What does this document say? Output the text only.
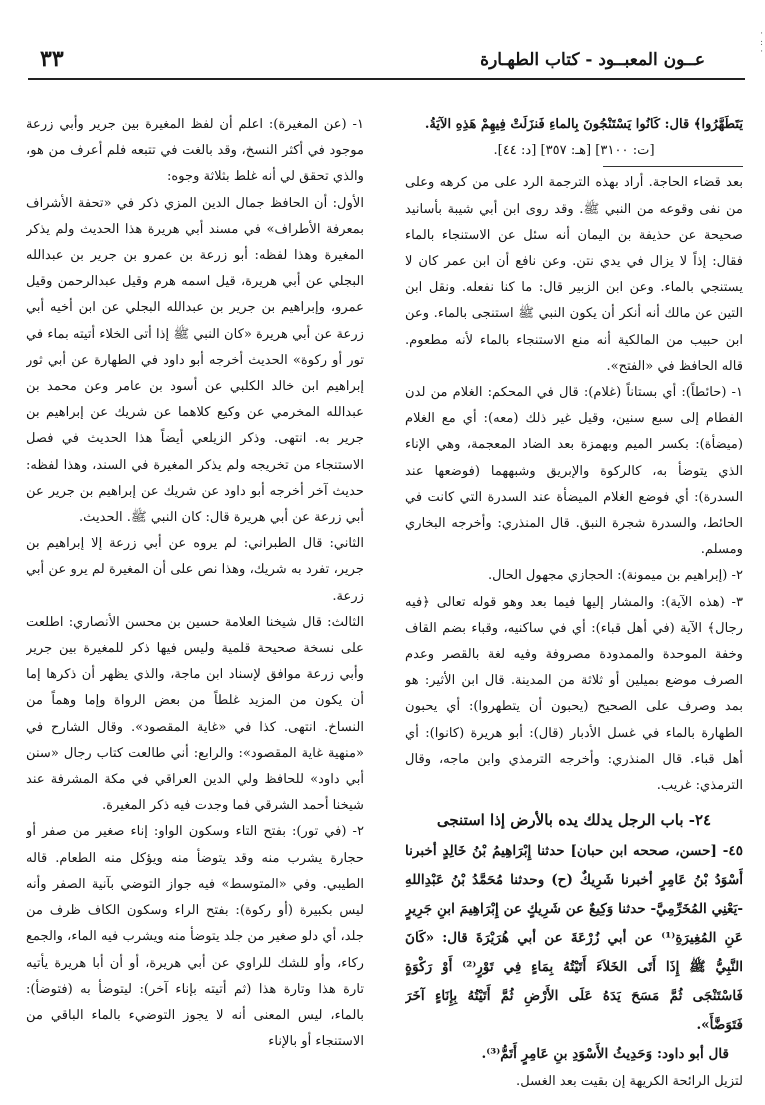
·
:
·
عــون المعبــود - كتاب الطهـارة
٣٣

يَتَطَهَّرُوا﴾ قال: كَانُوا يَسْتَنْجُونَ بِالماءِ فَنزَلَتْ فِيهِمْ هَذِهِ الآيَةُ.

[ت: ٣١٠٠] [هـ: ٣٥٧] [د: ٤٤].

بعد قضاء الحاجة. أراد بهذه الترجمة الرد على من كرهه وعلى من نفى وقوعه من النبي ﷺ. وقد روى ابن أبي شيبة بأسانيد صحيحة عن حذيفة بن اليمان أنه سئل عن الاستنجاء بالماء فقال: إذاً لا يزال في يدي نتن. وعن نافع أن ابن عمر كان لا يستنجي بالماء. وعن ابن الزبير قال: ما كنا نفعله. ونقل ابن التين عن مالك أنه أنكر أن يكون النبي ﷺ استنجى بالماء. وعن ابن حبيب من المالكية أنه منع الاستنجاء بالماء لأنه مطعوم. قاله الحافظ في «الفتح».

١- (حائطاً): أي بستاناً (غلام): قال في المحكم: الغلام من لدن الفطام إلى سبع سنين، وقيل غير ذلك (معه): أي مع الغلام (ميضأة): بكسر الميم وبهمزة بعد الضاد المعجمة، وهي الإناء الذي يتوضأ به، كالركوة والإبريق وشبههما (فوضعها عند السدرة): أي فوضع الغلام الميضأة عند السدرة التي كانت في الحائط، والسدرة شجرة النبق. قال المنذري: وأخرجه البخاري ومسلم.

٢- (إبراهيم بن ميمونة): الحجازي مجهول الحال.

٣- (هذه الآية): والمشار إليها فيما بعد وهو قوله تعالى ﴿فيه رجال﴾ الآية (في أهل قباء): أي في ساكنيه، وقباء بضم القاف وخفة الموحدة والممدودة مصروفة وفيه لغة بالقصر وعدم الصرف موضع بميلين أو ثلاثة من المدينة. قال ابن الأثير: هو بمد وصرف على الصحيح (يحبون أن يتطهروا): أي يحبون الطهارة بالماء في غسل الأدبار (قال): أبو هريرة (كانوا): أي أهل قباء. قال المنذري: وأخرجه الترمذي وابن ماجه، وقال الترمذي: غريب.

٢٤- باب الرجل يدلك يده بالأرض إذا استنجى

٤٥- [حسن، صححه ابن حبان] حدثنا إِبْرَاهِيمُ بْنُ خَالِدٍ أخبرنا أَسْوَدُ بْنُ عَامِرٍ أخبرنا شَرِيكٌ (ح) وحدثنا مُحَمَّدُ بْنُ عَبْدِاللهِ -يَعْنِي المُخَرِّمِيَّ- حدثنا وَكِيعٌ عن شَرِيكٍ عن إِبْرَاهِيمَ ابنِ جَرِيرٍ عَنِ المُغِيرَةِ⁽¹⁾ عن أبي زُرْعَةَ عن أبي هُرَيْرَةَ قال: «كَانَ النَّبِيُّ ﷺ إِذَا أَتَى الخَلاَءَ أَتَيْتُهُ بِمَاءٍ فِي تَوْرٍ⁽²⁾ أَوْ رَكْوَةٍ فَاسْتَنْجَى ثُمَّ مَسَحَ يَدَهُ عَلَى الأَرْضِ ثُمَّ أَتَيْتُهُ بِإِنَاءٍ آخَرَ فَتَوَضَّأَ».

قال أبو داود: وَحَدِيثُ الأَسْوَدِ بنِ عَامِرٍ أَتَمُّ⁽³⁾.

لتزيل الرائحة الكريهة إن بقيت بعد الغسل.

١- (عن المغيرة): اعلم أن لفظ المغيرة بين جرير وأبي زرعة موجود في أكثر النسخ، وقد بالغت في تتبعه فلم أعرف من هو، والذي تحقق لي أنه غلط بثلاثة وجوه:

الأول: أن الحافظ جمال الدين المزي ذكر في «تحفة الأشراف بمعرفة الأطراف» في مسند أبي هريرة هذا الحديث ولم يذكر المغيرة وهذا لفظه: أبو زرعة بن عمرو بن جرير بن عبدالله البجلي عن أبي هريرة، قيل اسمه هرم وقيل عبدالرحمن وقيل عمرو، وإبراهيم بن جرير بن عبدالله البجلي عن ابن أخيه أبي زرعة عن أبي هريرة «كان النبي ﷺ إذا أتى الخلاء أتيته بماء في تور أو ركوة» الحديث أخرجه أبو داود في الطهارة عن أبي ثور إبراهيم ابن خالد الكلبي عن أسود بن عامر وعن محمد بن عبدالله المخرمي عن وكيع كلاهما عن شريك عن إبراهيم بن جرير به. انتهى. وذكر الزيلعي أيضاً هذا الحديث في فصل الاستنجاء من تخريجه ولم يذكر المغيرة في السند، وهذا لفظه: حديث آخر أخرجه أبو داود عن شريك عن إبراهيم بن جرير عن أبي زرعة عن أبي هريرة قال: كان النبي ﷺ. الحديث.

الثاني: قال الطبراني: لم يروه عن أبي زرعة إلا إبراهيم بن جرير، تفرد به شريك، وهذا نص على أن المغيرة لم يرو عن أبي زرعة.

الثالث: قال شيخنا العلامة حسين بن محسن الأنصاري: اطلعت على نسخة صحيحة قلمية وليس فيها ذكر للمغيرة بين جرير وأبي زرعة موافق لإسناد ابن ماجة، والذي يظهر أن ذكرها إما أن يكون من المزيد غلطاً من بعض الرواة وإما وهماً من النساخ. انتهى. كذا في «غاية المقصود». وقال الشارح في «منهية غاية المقصود»: والرابع: أني طالعت كتاب رجال «سنن أبي داود» للحافظ ولي الدين العراقي في مكة المشرفة عند شيخنا أحمد الشرقي فما وجدت فيه ذكر المغيرة.

٢- (في تور): بفتح التاء وسكون الواو: إناء صغير من صفر أو حجارة يشرب منه وقد يتوضأ منه ويؤكل منه الطعام. قاله الطيبي. وفي «المتوسط» فيه جواز التوضي بآنية الصفر وأنه ليس بكبيرة (أو ركوة): بفتح الراء وسكون الكاف ظرف من جلد، أي دلو صغير من جلد يتوضأ منه ويشرب فيه الماء، والجمع ركاء، وأو للشك للراوي عن أبي هريرة، أو أن أبا هريرة يأتيه تارة هذا وتارة هذا (ثم أتيته بإناء آخر): ليتوضأ به (فتوضأ): بالماء، ليس المعنى أنه لا يجوز التوضيء بالماء الباقي من الاستنجاء أو بالإناء
